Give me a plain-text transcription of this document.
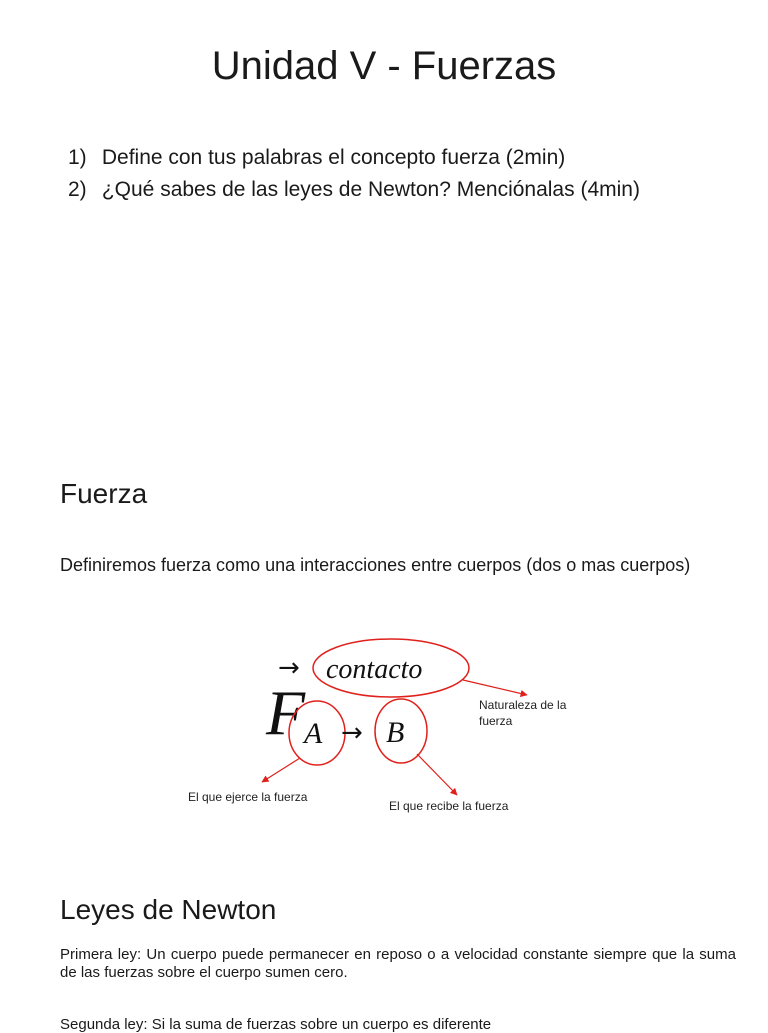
Unidad V - Fuerzas
1) Define con tus palabras el concepto fuerza (2min)
2) ¿Qué sabes de las leyes de Newton? Menciónalas (4min)
Fuerza

Definiremos fuerza como una interacciones entre cuerpos (dos o mas cuerpos)

F
→ contacto
A → B
Naturaleza de la
fuerza
El que ejerce la fuerza
El que recibe la fuerza
Leyes de Newton

Primera ley: Un cuerpo puede permanecer en reposo o a velocidad constante siempre que la suma de las fuerzas sobre el cuerpo sumen cero.

Segunda ley: Si la suma de fuerzas sobre un cuerpo es diferente
